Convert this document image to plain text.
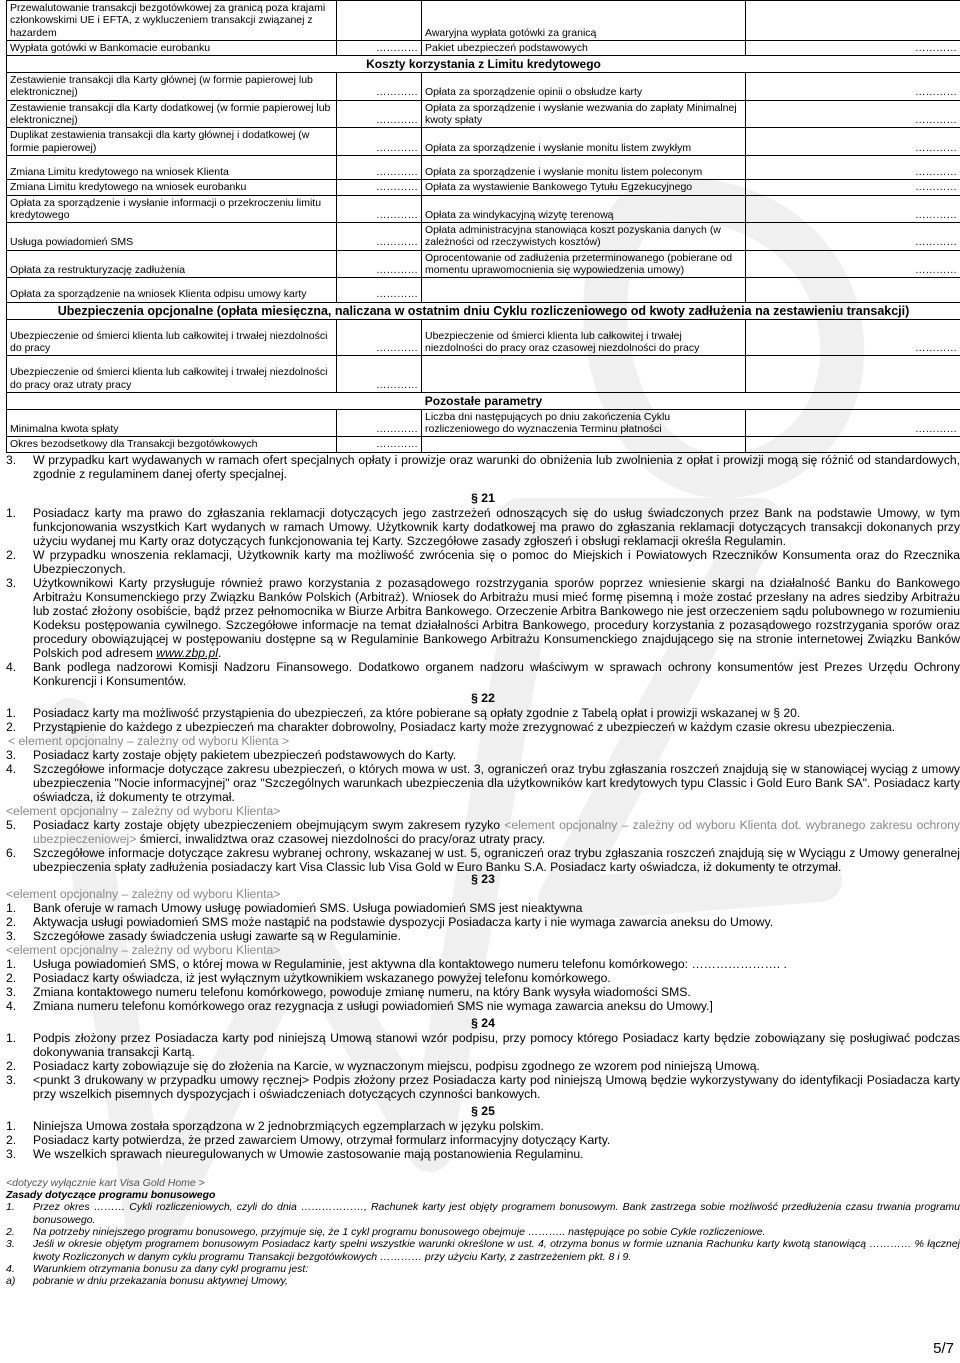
Przewalutowanie transakcji bezgotówkowej za granicą poza krajami członkowskimi UE i EFTA, z wykluczeniem transakcji związanej z hazardem		Awaryjna wypłata gotówki za granicą	
Wypłata gotówki w Bankomacie eurobanku	…………	Pakiet ubezpieczeń podstawowych	…………
Koszty korzystania z Limitu kredytowego			
Zestawienie transakcji dla Karty głównej (w formie papierowej lub elektronicznej)	…………	Opłata za sporządzenie opinii o obsłudze karty	…………
Zestawienie transakcji dla Karty dodatkowej (w formie papierowej lub elektronicznej)	…………	Opłata za sporządzenie i wysłanie wezwania do zapłaty Minimalnej kwoty spłaty	…………
Duplikat zestawienia transakcji dla karty głównej i dodatkowej (w formie papierowej)	…………	Opłata za sporządzenie i wysłanie monitu listem zwykłym	…………
Zmiana Limitu kredytowego na wniosek Klienta	…………	Opłata za sporządzenie i wysłanie monitu listem poleconym	…………
Zmiana Limitu kredytowego na wniosek eurobanku	…………	Opłata za wystawienie Bankowego Tytułu Egzekucyjnego	…………
Opłata za sporządzenie i wysłanie informacji o przekroczeniu limitu kredytowego	…………	Opłata za windykacyjną wizytę terenową	…………
Usługa powiadomień SMS	…………	Opłata administracyjna stanowiąca koszt pozyskania danych (w zależności od rzeczywistych kosztów)	…………
Opłata za restrukturyzację zadłużenia	…………	Oprocentowanie od zadłużenia przeterminowanego (pobierane od momentu uprawomocnienia się wypowiedzenia umowy)	…………
Opłata za sporządzenie na wniosek Klienta odpisu umowy karty	…………		
Ubezpieczenia opcjonalne (opłata miesięczna, naliczana w ostatnim dniu Cyklu rozliczeniowego od kwoty zadłużenia na zestawieniu transakcji)			
Ubezpieczenie od śmierci klienta lub całkowitej i trwałej niezdolności do pracy	…………	Ubezpieczenie od śmierci klienta lub całkowitej i trwałej niezdolności do pracy oraz czasowej niezdolności do pracy	…………
Ubezpieczenie od śmierci klienta lub całkowitej i trwałej niezdolności do pracy oraz utraty pracy	…………		
Pozostałe parametry			
Minimalna kwota spłaty	…………	Liczba dni następujących po dniu zakończenia Cyklu rozliczeniowego do wyznaczenia Terminu płatności	…………
Okres bezodsetkowy dla Transakcji bezgotówkowych	…………		
3.	W przypadku kart wydawanych w ramach ofert specjalnych opłaty i prowizje oraz warunki do obniżenia lub zwolnienia z opłat i prowizji mogą się różnić od standardowych, zgodnie z regulaminem danej oferty specjalnej.
§ 21
1.	Posiadacz karty ma prawo do zgłaszania reklamacji dotyczących jego zastrzeżeń odnoszących się do usług świadczonych przez Bank na podstawie Umowy, w tym funkcjonowania wszystkich Kart wydanych w ramach Umowy. Użytkownik karty dodatkowej ma prawo do zgłaszania reklamacji dotyczących transakcji dokonanych przy użyciu wydanej mu Karty oraz dotyczących funkcjonowania tej Karty. Szczegółowe zasady zgłoszeń i obsługi reklamacji określa Regulamin.
2.	W przypadku wnoszenia reklamacji, Użytkownik karty ma możliwość zwrócenia się o pomoc do Miejskich i Powiatowych Rzeczników Konsumenta oraz do Rzecznika Ubezpieczonych.
3.	Użytkownikowi Karty przysługuje również prawo korzystania z pozasądowego rozstrzygania sporów poprzez wniesienie skargi na działalność Banku do Bankowego Arbitrażu Konsumenckiego przy Związku Banków Polskich (Arbitraż). Wniosek do Arbitrażu musi mieć formę pisemną i może zostać przesłany na adres siedziby Arbitrażu lub zostać złożony osobiście, bądź przez pełnomocnika w Biurze Arbitra Bankowego. Orzeczenie Arbitra Bankowego nie jest orzeczeniem sądu polubownego w rozumieniu Kodeksu postępowania cywilnego. Szczegółowe informacje na temat działalności Arbitra Bankowego, procedury korzystania z pozasądowego rozstrzygania sporów oraz procedury obowiązującej w postępowaniu dostępne są w Regulaminie Bankowego Arbitrażu Konsumenckiego znajdującego się na stronie internetowej Związku Banków Polskich pod adresem www.zbp.pl.
4.	Bank podlega nadzorowi Komisji Nadzoru Finansowego. Dodatkowo organem nadzoru właściwym w sprawach ochrony konsumentów jest Prezes Urzędu Ochrony Konkurencji i Konsumentów.
§ 22
1.	Posiadacz karty ma możliwość przystąpienia do ubezpieczeń, za które pobierane są opłaty zgodnie z Tabelą opłat i prowizji wskazanej w § 20.
2.	Przystąpienie do każdego z ubezpieczeń ma charakter dobrowolny, Posiadacz karty może zrezygnować z ubezpieczeń w każdym czasie okresu ubezpieczenia.
< element opcjonalny – zależny od wyboru Klienta >
3.	Posiadacz karty zostaje objęty pakietem ubezpieczeń podstawowych do Karty.
4.	Szczegółowe informacje dotyczące zakresu ubezpieczeń, o których mowa w ust. 3, ograniczeń oraz trybu zgłaszania roszczeń znajdują się w stanowiącej wyciąg z umowy ubezpieczenia "Nocie informacyjnej" oraz "Szczególnych warunkach ubezpieczenia dla użytkowników kart kredytowych typu Classic i Gold Euro Bank SA". Posiadacz karty oświadcza, iż dokumenty te otrzymał.
<element opcjonalny – zależny od wyboru Klienta>
5.	Posiadacz karty zostaje objęty ubezpieczeniem obejmującym swym zakresem ryzyko <element opcjonalny – zależny od wyboru Klienta dot. wybranego zakresu ochrony ubezpieczeniowej> śmierci, inwalidztwa oraz czasowej niezdolności do pracy/oraz utraty pracy.
6.	Szczegółowe informacje dotyczące zakresu wybranej ochrony, wskazanej w ust. 5, ograniczeń oraz trybu zgłaszania roszczeń znajdują się w Wyciągu z Umowy generalnej ubezpieczenia spłaty zadłużenia posiadaczy kart Visa Classic lub Visa Gold w Euro Banku S.A. Posiadacz karty oświadcza, iż dokumenty te otrzymał.
§ 23
<element opcjonalny – zależny od wyboru Klienta>
1.	Bank oferuje w ramach Umowy usługę powiadomień SMS. Usługa powiadomień SMS jest nieaktywna
2.	Aktywacja usługi powiadomień SMS może nastąpić na podstawie dyspozycji Posiadacza karty i nie wymaga zawarcia aneksu do Umowy.
3.	Szczegółowe zasady świadczenia usługi zawarte są w Regulaminie.
<element opcjonalny – zależny od wyboru Klienta>
1.	Usługa powiadomień SMS, o której mowa w Regulaminie, jest aktywna dla kontaktowego numeru telefonu komórkowego: …………………. .
2.	Posiadacz karty oświadcza, iż jest wyłącznym użytkownikiem wskazanego powyżej telefonu komórkowego.
3.	Zmiana kontaktowego numeru telefonu komórkowego, powoduje zmianę numeru, na który Bank wysyła wiadomości SMS.
4.	Zmiana numeru telefonu komórkowego oraz rezygnacja z usługi powiadomień SMS nie wymaga zawarcia aneksu do Umowy.]
§ 24
1.	Podpis złożony przez Posiadacza karty pod niniejszą Umową stanowi wzór podpisu, przy pomocy którego Posiadacz karty będzie zobowiązany się posługiwać podczas dokonywania transakcji Kartą.
2.	Posiadacz karty zobowiązuje się do złożenia na Karcie, w wyznaczonym miejscu, podpisu zgodnego ze wzorem pod niniejszą Umową.
3.	<punkt 3 drukowany w przypadku umowy ręcznej> Podpis złożony przez Posiadacza karty pod niniejszą Umową będzie wykorzystywany do identyfikacji Posiadacza karty przy wszelkich pisemnych dyspozycjach i oświadczeniach dotyczących czynności bankowych.
§ 25
1.	Niniejsza Umowa została sporządzona w 2 jednobrzmiących egzemplarzach w języku polskim.
2.	Posiadacz karty potwierdza, że przed zawarciem Umowy, otrzymał formularz informacyjny dotyczący Karty.
3.	We wszelkich sprawach nieuregulowanych w Umowie zastosowanie mają postanowienia Regulaminu.
<dotyczy wyłącznie kart Visa Gold Home >
Zasady dotyczące programu bonusowego
1.	Przez okres ……… Cykli rozliczeniowych, czyli do dnia ………………, Rachunek karty jest objęty programem bonusowym. Bank zastrzega sobie możliwość przedłużenia czasu trwania programu bonusowego.
2.	Na potrzeby niniejszego programu bonusowego, przyjmuje się, że 1 cykl programu bonusowego obejmuje ……….. następujące po sobie Cykle rozliczeniowe.
3.	Jeśli w okresie objętym programem bonusowym Posiadacz karty spełni wszystkie warunki określone w ust. 4, otrzyma bonus w formie uznania Rachunku karty kwotą stanowiącą ………… % łącznej kwoty Rozliczonych w danym cyklu programu Transakcji bezgotówkowych ………… przy użyciu Karty, z zastrzeżeniem pkt. 8 i 9.
4.	Warunkiem otrzymania bonusu za dany cykl programu jest:
a)	pobranie w dniu przekazania bonusu aktywnej Umowy,
5/7
